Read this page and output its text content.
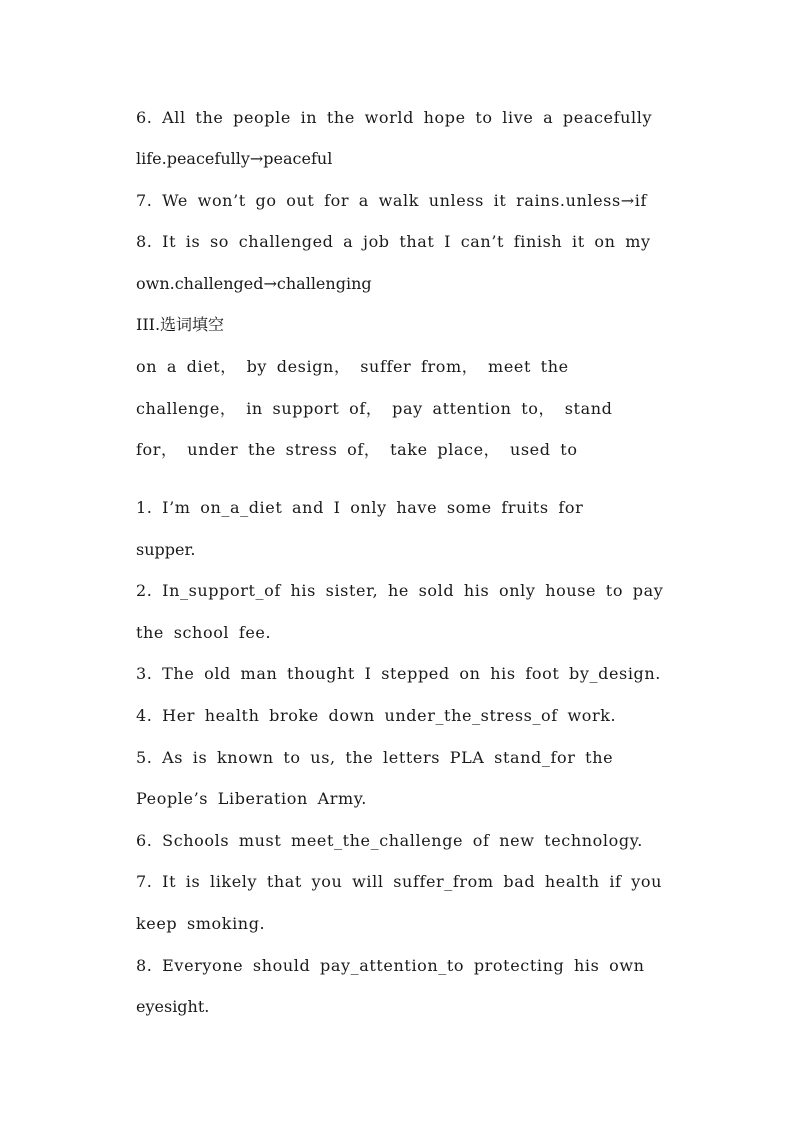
6. All the people in the world hope to live a peacefully
life.peacefully→peaceful
7. We won’t go out for a walk unless it rains.unless→if
8. It is so challenged a job that I can’t finish it on my
own.challenged→challenging
III.选词填空
on a diet， by design， suffer from， meet the
challenge， in support of， pay attention to， stand
for， under the stress of， take place， used to
1. I’m on_a_diet and I only have some fruits for
supper.
2. In_support_of his sister, he sold his only house to pay
the school fee.
3. The old man thought I stepped on his foot by_design.
4. Her health broke down under_the_stress_of work.
5. As is known to us, the letters PLA stand_for the
People’s Liberation Army.
6. Schools must meet_the_challenge of new technology.
7. It is likely that you will suffer_from bad health if you
keep smoking.
8. Everyone should pay_attention_to protecting his own
eyesight.
